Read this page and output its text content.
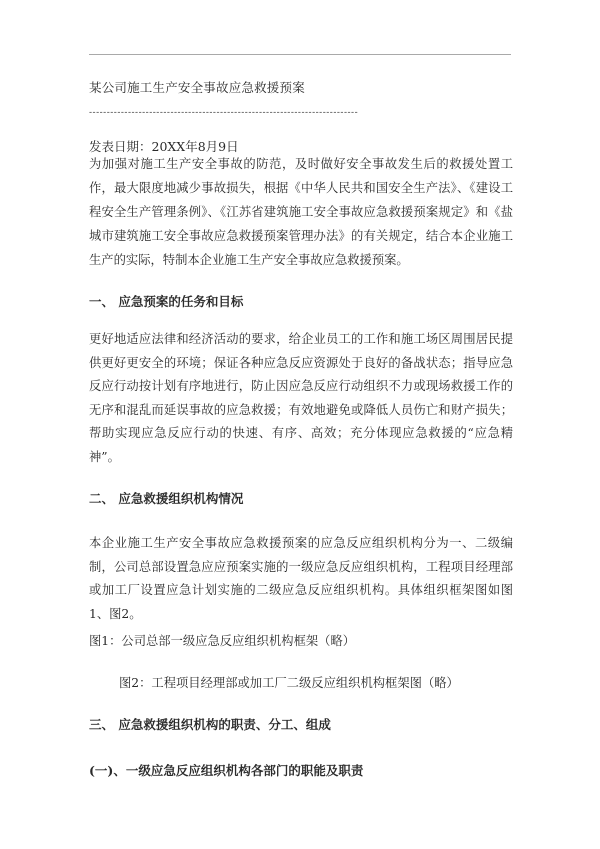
某公司施工生产安全事故应急救援预案
----------------------------------------------------------------------------
发表日期：20XX年8月9日

为加强对施工生产安全事故的防范，及时做好安全事故发生后的救援处置工作，最大限度地减少事故损失，根据《中华人民共和国安全生产法》、《建设工程安全生产管理条例》、《江苏省建筑施工安全事故应急救援预案规定》和《盐城市建筑施工安全事故应急救援预案管理办法》的有关规定，结合本企业施工生产的实际，特制本企业施工生产安全事故应急救援预案。

一、 应急预案的任务和目标

更好地适应法律和经济活动的要求，给企业员工的工作和施工场区周围居民提供更好更安全的环境；保证各种应急反应资源处于良好的备战状态；指导应急反应行动按计划有序地进行，防止因应急反应行动组织不力或现场救援工作的无序和混乱而延误事故的应急救援；有效地避免或降低人员伤亡和财产损失；帮助实现应急反应行动的快速、有序、高效；充分体现应急救援的“应急精神”。

二、 应急救援组织机构情况

本企业施工生产安全事故应急救援预案的应急反应组织机构分为一、二级编制，公司总部设置急应应预案实施的一级应急反应组织机构，工程项目经理部或加工厂设置应急计划实施的二级应急反应组织机构。具体组织框架图如图1、图2。

图1：公司总部一级应急反应组织机构框架（略）
图2：工程项目经理部或加工厂二级反应组织机构框架图（略）
三、 应急救援组织机构的职责、分工、组成
(一)、一级应急反应组织机构各部门的职能及职责
